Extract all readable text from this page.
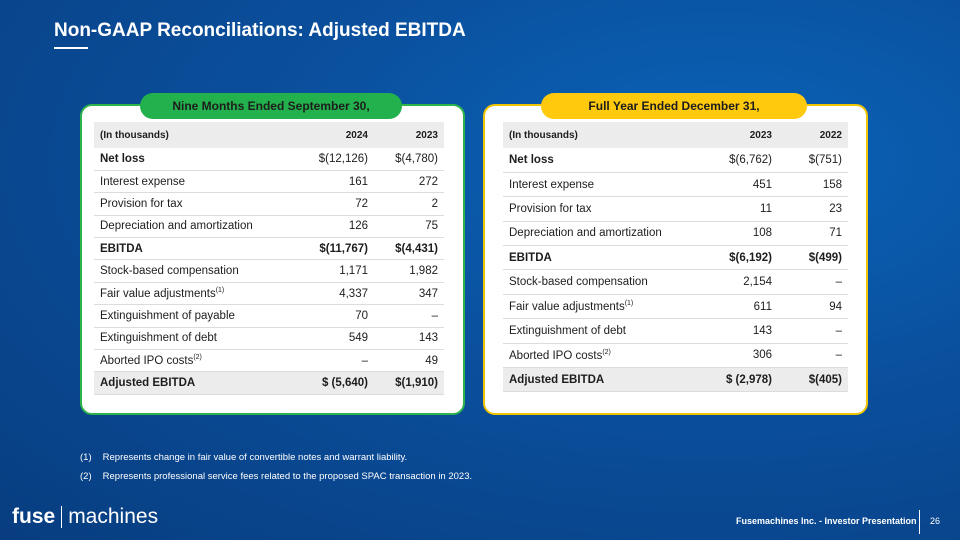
Non-GAAP Reconciliations: Adjusted EBITDA
Nine Months Ended September 30,	Full Year Ended December 31,
(In thousands)	2024	2023
Net loss	$(12,126)	$(4,780)
Interest expense	161	272
Provision for tax	72	2
Depreciation and amortization	126	75
EBITDA	$(11,767)	$(4,431)
Stock-based compensation	1,171	1,982
Fair value adjustments$^{(1)}$	4,337	347
Extinguishment of payable	70	–
Extinguishment of debt	549	143
Aborted IPO costs$^{(2)}$	–	49
Adjusted EBITDA	$ (5,640)	$(1,910)
(In thousands)	2023	2022
Net loss	$(6,762)	$(751)
Interest expense	451	158
Provision for tax	11	23
Depreciation and amortization	108	71
EBITDA	$(6,192)	$(499)
Stock-based compensation	2,154	–
Fair value adjustments$^{(1)}$	611	94
Extinguishment of debt	143	–
Aborted IPO costs$^{(2)}$	306	–
Adjusted EBITDA	$ (2,978)	$(405)
(1) Represents change in fair value of convertible notes and warrant liability.
(2) Represents professional service fees related to the proposed SPAC transaction in 2023.
fuse machines	Fusemachines Inc. - Investor Presentation 26
